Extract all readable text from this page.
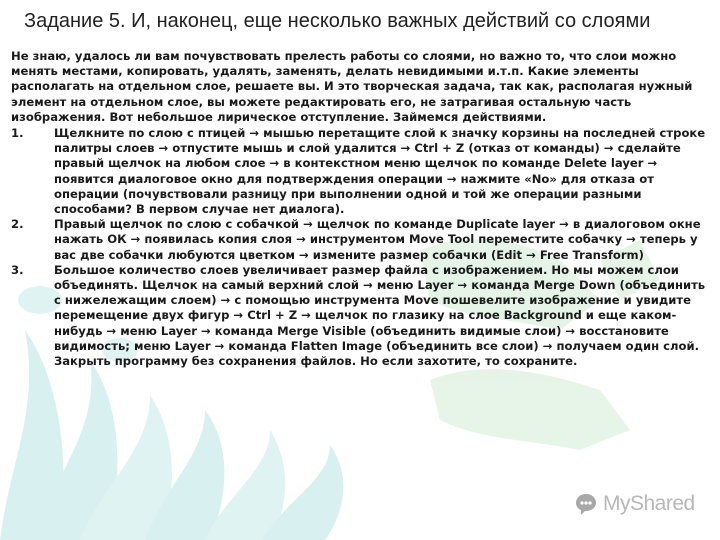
Задание 5. И, наконец, еще несколько важных действий со слоями
Не знаю, удалось ли вам почувствовать прелесть работы со слоями, но важно то, что слои можно менять местами, копировать, удалять, заменять, делать невидимыми и.т.п. Какие элементы располагать на отдельном слое, решаете вы. И это творческая задача, так как, располагая нужный элемент на отдельном слое, вы можете редактировать его, не затрагивая остальную часть изображения. Вот небольшое лирическое отступление. Займемся действиями.
1.	Щелкните по слою с птицей → мышью перетащите слой к значку корзины на последней строке палитры слоев → отпустите мышь и слой удалится → Ctrl + Z (отказ от команды) → сделайте правый щелчок на любом слое → в контекстном меню щелчок по команде Delete layer → появится диалоговое окно для подтверждения операции → нажмите «No» для отказа от операции (почувствовали разницу при выполнении одной и той же операции разными способами? В первом случае нет диалога).
2.	Правый щелчок по слою с собачкой → щелчок по команде Duplicate layer → в диалоговом окне нажать ОК → появилась копия слоя → инструментом Move Tool переместите собачку → теперь у вас две собачки любуются цветком → измените размер собачки (Edit → Free Transform)
3.	Большое количество слоев увеличивает размер файла с изображением. Но мы можем слои объединять. Щелчок на самый верхний слой → меню Layer → команда Merge Down (объединить с нижележащим слоем) → с помощью инструмента Move пошевелите изображение и увидите перемещение двух фигур → Ctrl + Z → щелчок по глазику на слое Background и еще каком-нибудь → меню Layer → команда Merge Visible (объединить видимые слои) → восстановите видимость; меню Layer → команда Flatten Image (объединить все слои) → получаем один слой.
Закрыть программу без сохранения файлов. Но если захотите, то сохраните.
MyShared
